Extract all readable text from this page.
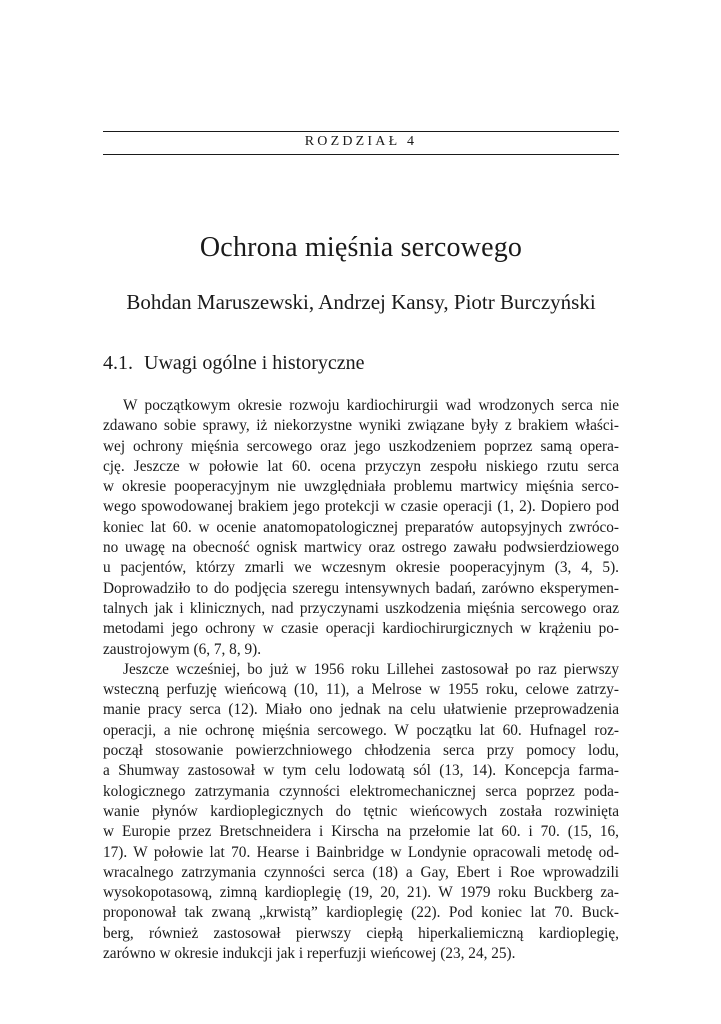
ROZDZIAŁ 4
Ochrona mięśnia sercowego
Bohdan Maruszewski, Andrzej Kansy, Piotr Burczyński
4.1. Uwagi ogólne i historyczne
W początkowym okresie rozwoju kardiochirurgii wad wrodzonych serca nie
zdawano sobie sprawy, iż niekorzystne wyniki związane były z brakiem właści-
wej ochrony mięśnia sercowego oraz jego uszkodzeniem poprzez samą opera-
cję. Jeszcze w połowie lat 60. ocena przyczyn zespołu niskiego rzutu serca
w okresie pooperacyjnym nie uwzględniała problemu martwicy mięśnia serco-
wego spowodowanej brakiem jego protekcji w czasie operacji (1, 2). Dopiero pod
koniec lat 60. w ocenie anatomopatologicznej preparatów autopsyjnych zwróco-
no uwagę na obecność ognisk martwicy oraz ostrego zawału podwsierdziowego
u pacjentów, którzy zmarli we wczesnym okresie pooperacyjnym (3, 4, 5).
Doprowadziło to do podjęcia szeregu intensywnych badań, zarówno eksperymen-
talnych jak i klinicznych, nad przyczynami uszkodzenia mięśnia sercowego oraz
metodami jego ochrony w czasie operacji kardiochirurgicznych w krążeniu po-
zaustrojowym (6, 7, 8, 9).
Jeszcze wcześniej, bo już w 1956 roku Lillehei zastosował po raz pierwszy
wsteczną perfuzję wieńcową (10, 11), a Melrose w 1955 roku, celowe zatrzy-
manie pracy serca (12). Miało ono jednak na celu ułatwienie przeprowadzenia
operacji, a nie ochronę mięśnia sercowego. W początku lat 60. Hufnagel roz-
począł stosowanie powierzchniowego chłodzenia serca przy pomocy lodu,
a Shumway zastosował w tym celu lodowatą sól (13, 14). Koncepcja farma-
kologicznego zatrzymania czynności elektromechanicznej serca poprzez poda-
wanie płynów kardioplegicznych do tętnic wieńcowych została rozwinięta
w Europie przez Bretschneidera i Kirscha na przełomie lat 60. i 70. (15, 16,
17). W połowie lat 70. Hearse i Bainbridge w Londynie opracowali metodę od-
wracalnego zatrzymania czynności serca (18) a Gay, Ebert i Roe wprowadzili
wysokopotasową, zimną kardioplegię (19, 20, 21). W 1979 roku Buckberg za-
proponował tak zwaną „krwistą” kardioplegię (22). Pod koniec lat 70. Buck-
berg, również zastosował pierwszy ciepłą hiperkaliemiczną kardioplegię,
zarówno w okresie indukcji jak i reperfuzji wieńcowej (23, 24, 25).
